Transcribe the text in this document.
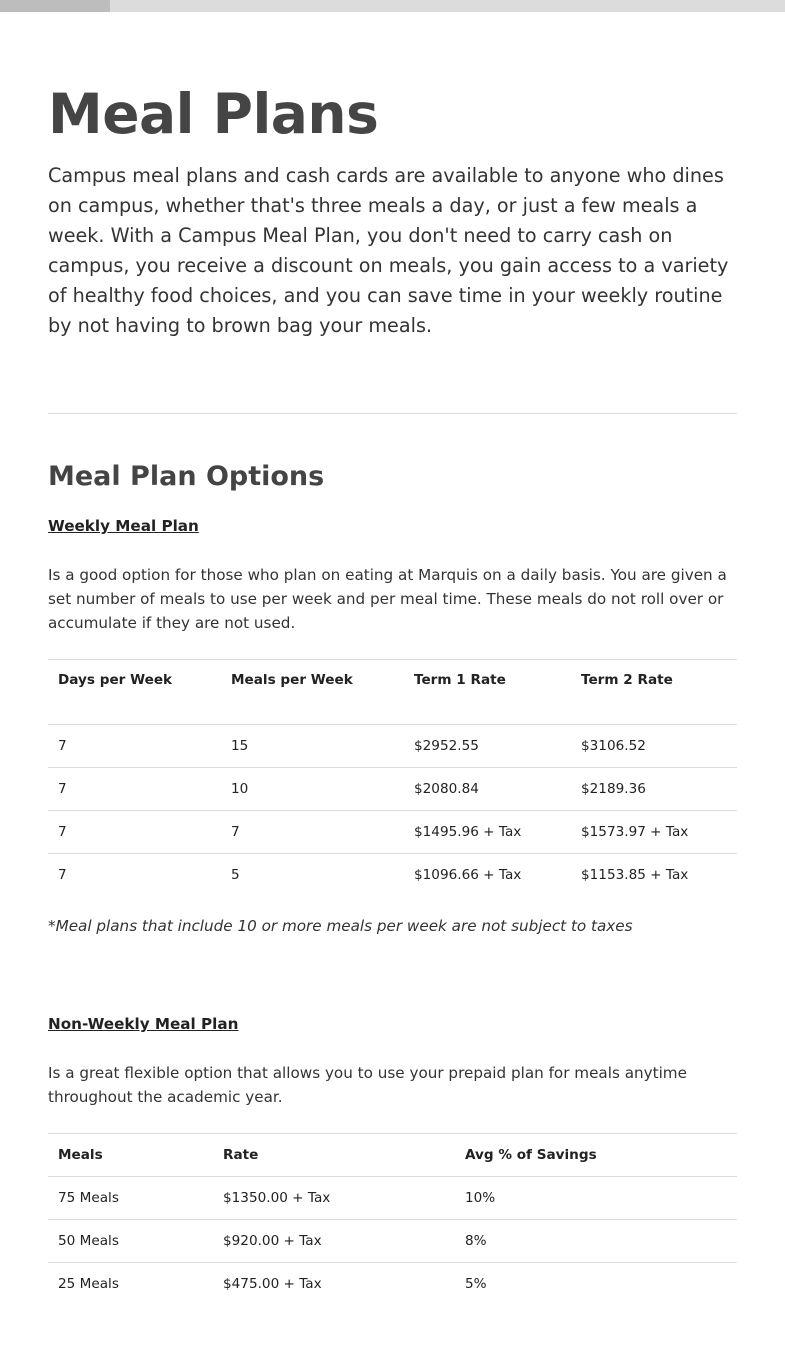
Meal Plans

Campus meal plans and cash cards are available to anyone who dines on campus, whether that's three meals a day, or just a few meals a week. With a Campus Meal Plan, you don't need to carry cash on campus, you receive a discount on meals, you gain access to a variety of healthy food choices, and you can save time in your weekly routine by not having to brown bag your meals.

Meal Plan Options
Weekly Meal Plan

Is a good option for those who plan on eating at Marquis on a daily basis. You are given a set number of meals to use per week and per meal time. These meals do not roll over or accumulate if they are not used.

Days per Week	Meals per Week	Term 1 Rate	Term 2 Rate
7	15	$2952.55	$3106.52
7	10	$2080.84	$2189.36
7	7	$1495.96 + Tax	$1573.97 + Tax
7	5	$1096.66 + Tax	$1153.85 + Tax

*Meal plans that include 10 or more meals per week are not subject to taxes

Non-Weekly Meal Plan

Is a great flexible option that allows you to use your prepaid plan for meals anytime throughout the academic year.

Meals	Rate	Avg % of Savings
75 Meals	$1350.00 + Tax	10%
50 Meals	$920.00 + Tax	8%
25 Meals	$475.00 + Tax	5%
